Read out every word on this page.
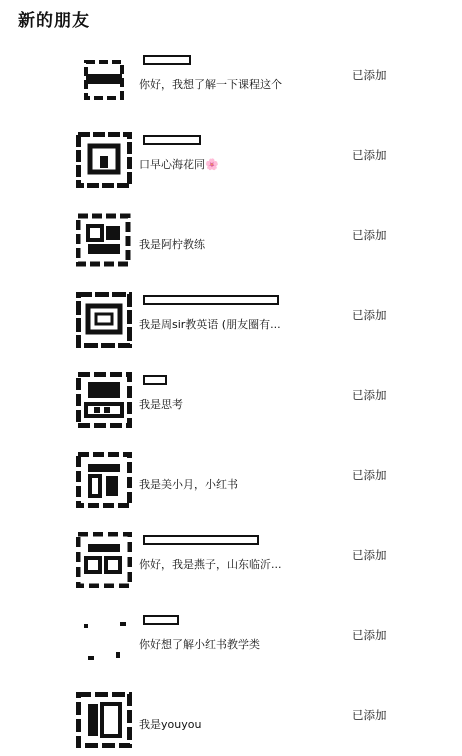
新的朋友
你好，我想了解一下课程这个
已添加
口早心海花同🌸
已添加
我是阿柠教练
已添加
我是周sir教英语 (朋友圈有...
已添加
我是思考
已添加
我是美小月，小红书
已添加
你好，我是燕子，山东临沂...
已添加
你好想了解小红书教学类
已添加
我是youyou
已添加
